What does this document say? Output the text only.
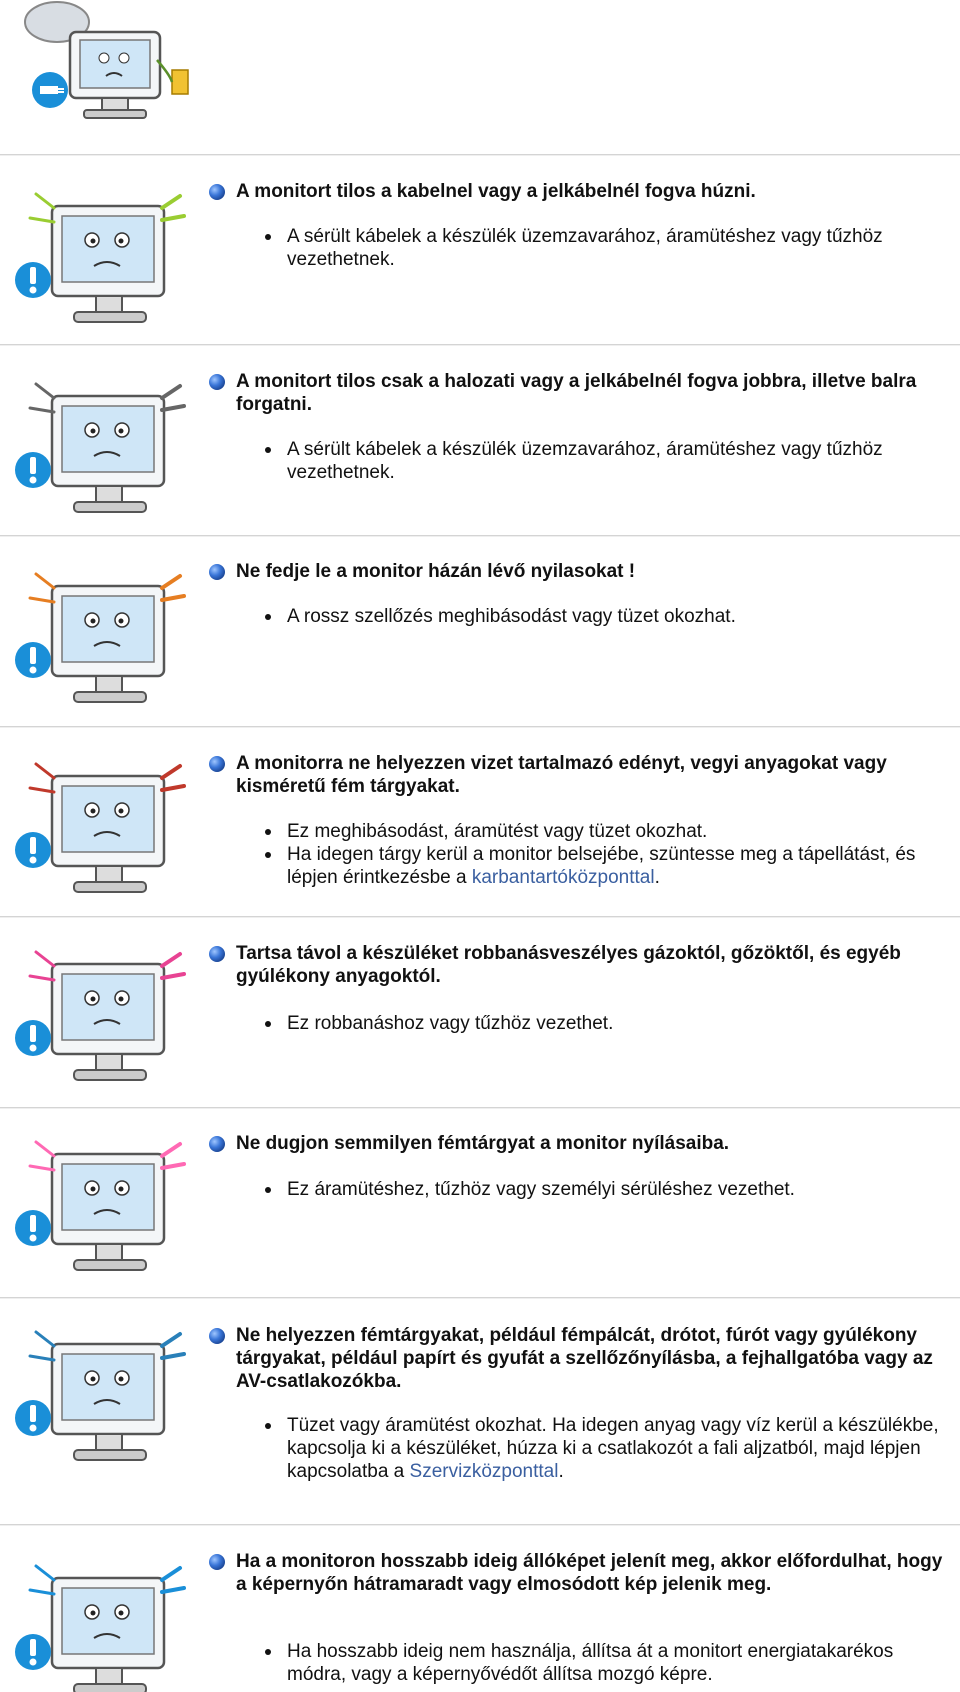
A monitort tilos a kabelnel vagy a jelkábelnél fogva húzni.
A sérült kábelek a készülék üzemzavarához, áramütéshez vagy tűzhöz vezethetnek.
A monitort tilos csak a halozati vagy a jelkábelnél fogva jobbra, illetve balra forgatni.
A sérült kábelek a készülék üzemzavarához, áramütéshez vagy tűzhöz vezethetnek.
Ne fedje le a monitor házán lévő nyilasokat !
A rossz szellőzés meghibásodást vagy tüzet okozhat.
A monitorra ne helyezzen vizet tartalmazó edényt, vegyi anyagokat vagy kisméretű fém tárgyakat.
Ez meghibásodást, áramütést vagy tüzet okozhat.
Ha idegen tárgy kerül a monitor belsejébe, szüntesse meg a tápellátást, és lépjen érintkezésbe a karbantartóközponttal.
Tartsa távol a készüléket robbanásveszélyes gázoktól, gőzöktől, és egyéb gyúlékony anyagoktól.
Ez robbanáshoz vagy tűzhöz vezethet.
Ne dugjon semmilyen fémtárgyat a monitor nyílásaiba.
Ez áramütéshez, tűzhöz vagy személyi sérüléshez vezethet.
Ne helyezzen fémtárgyakat, például fémpálcát, drótot, fúrót vagy gyúlékony tárgyakat, például papírt és gyufát a szellőzőnyílásba, a fejhallgatóba vagy az AV-csatlakozókba.
Tüzet vagy áramütést okozhat. Ha idegen anyag vagy víz kerül a készülékbe, kapcsolja ki a készüléket, húzza ki a csatlakozót a fali aljzatból, majd lépjen kapcsolatba a Szervizközponttal.
Ha a monitoron hosszabb ideig állóképet jelenít meg, akkor előfordulhat, hogy a képernyőn hátramaradt vagy elmosódott kép jelenik meg.
Ha hosszabb ideig nem használja, állítsa át a monitort energiatakarékos módra, vagy a képernyővédőt állítsa mozgó képre.
